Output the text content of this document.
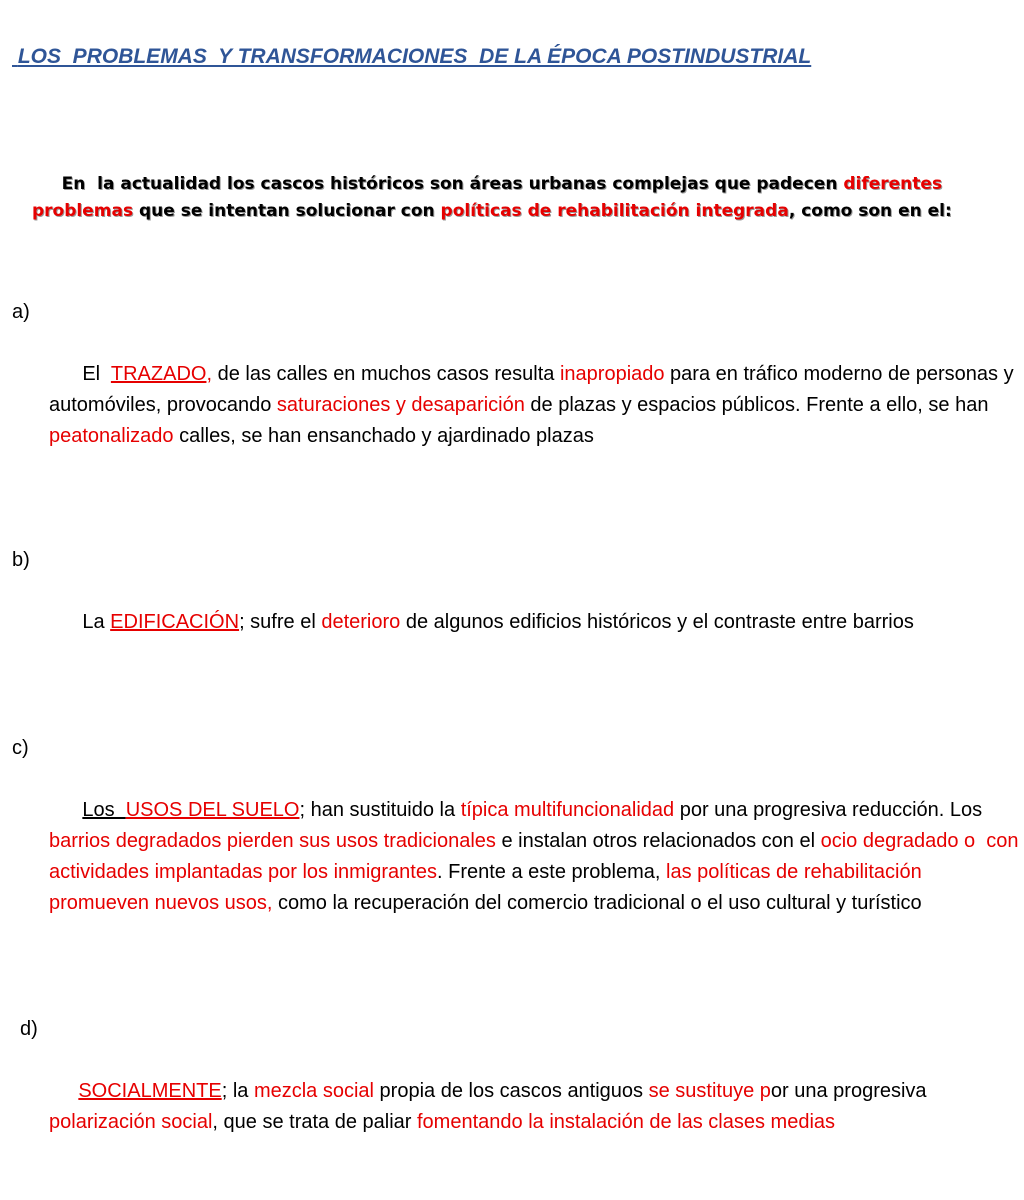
LOS  PROBLEMAS  Y TRANSFORMACIONES  DE LA ÉPOCA POSTINDUSTRIAL

En  la actualidad los cascos históricos son áreas urbanas complejas que padecen diferentes problemas que se intentan solucionar con políticas de rehabilitación integrada, como son en el:

a)

El  TRAZADO, de las calles en muchos casos resulta inapropiado para en tráfico moderno de personas y automóviles, provocando saturaciones y desaparición de plazas y espacios públicos. Frente a ello, se han peatonalizado calles, se han ensanchado y ajardinado plazas

b)

La EDIFICACIÓN; sufre el deterioro de algunos edificios históricos y el contraste entre barrios

c)

Los  USOS DEL SUELO; han sustituido la típica multifuncionalidad por una progresiva reducción. Los barrios degradados pierden sus usos tradicionales e instalan otros relacionados con el ocio degradado o  con actividades implantadas por los inmigrantes. Frente a este problema, las políticas de rehabilitación promueven nuevos usos, como la recuperación del comercio tradicional o el uso cultural y turístico

d)

SOCIALMENTE; la mezcla social propia de los cascos antiguos se sustituye por una progresiva polarización social, que se trata de paliar fomentando la instalación de las clases medias
